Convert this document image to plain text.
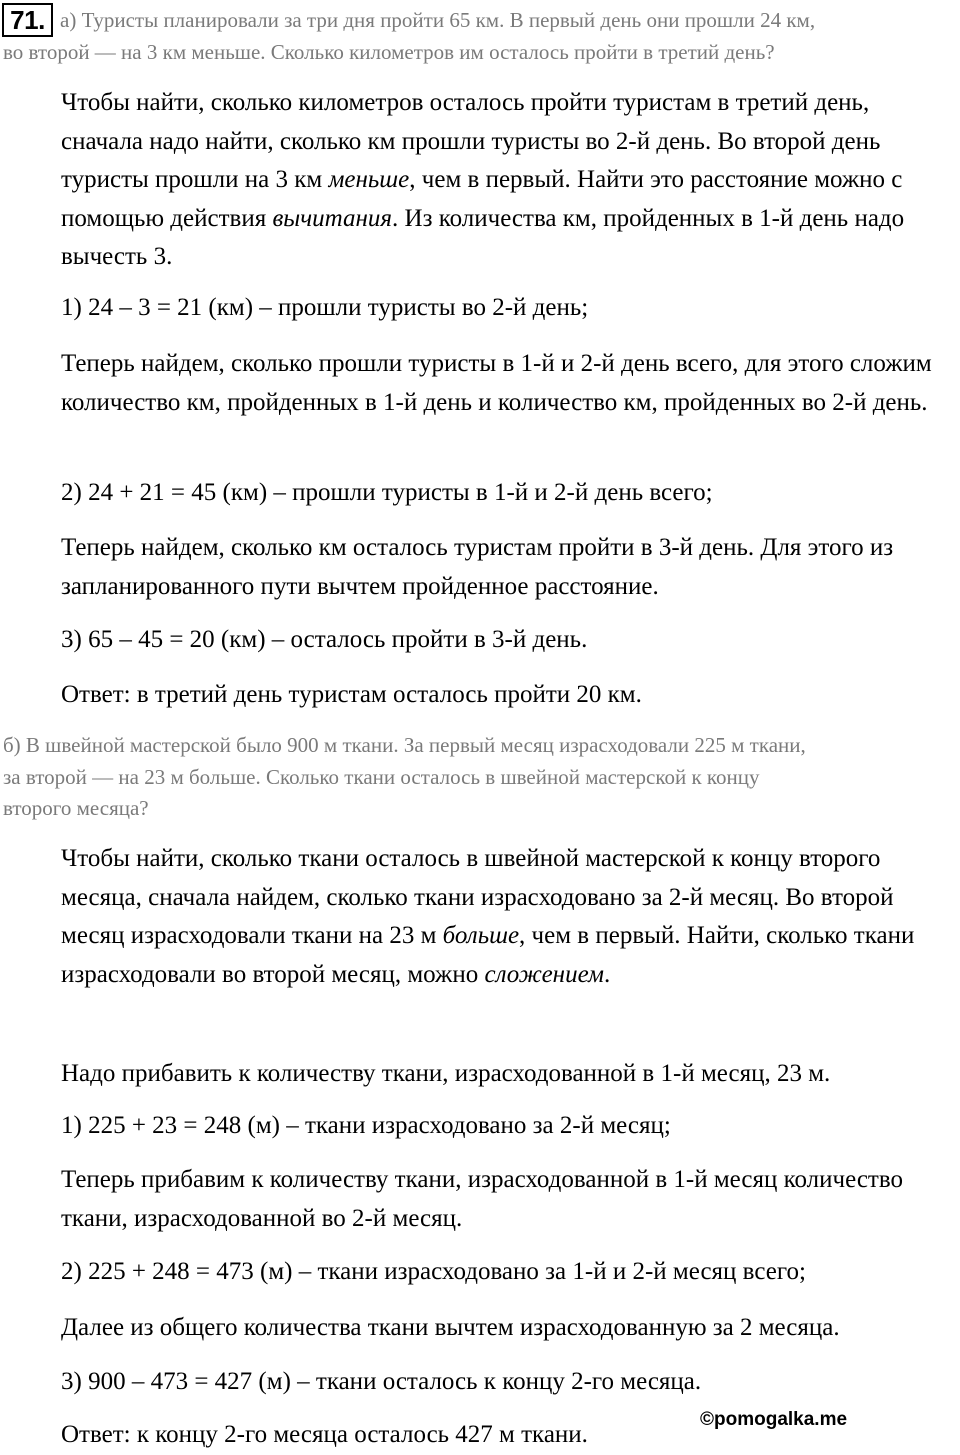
71. а) Туристы планировали за три дня пройти 65 км. В первый день они прошли 24 км,
во второй — на 3 км меньше. Сколько километров им осталось пройти в третий день?
Чтобы найти, сколько километров осталось пройти туристам в третий день, сначала надо найти, сколько км прошли туристы во 2-й день. Во второй день туристы прошли на 3 км меньше, чем в первый. Найти это расстояние можно с помощью действия вычитания. Из количества км, пройденных в 1-й день надо вычесть 3.
1) 24 – 3 = 21 (км) – прошли туристы во 2-й день;
Теперь найдем, сколько прошли туристы в 1-й и 2-й день всего, для этого сложим количество км, пройденных в 1-й день и количество км, пройденных во 2-й день.
2) 24 + 21 = 45 (км) – прошли туристы в 1-й и 2-й день всего;
Теперь найдем, сколько км осталось туристам пройти в 3-й день. Для этого из запланированного пути вычтем пройденное расстояние.
3) 65 – 45 = 20 (км) – осталось пройти в 3-й день.
Ответ: в третий день туристам осталось пройти 20 км.
б) В швейной мастерской было 900 м ткани. За первый месяц израсходовали 225 м ткани,
за второй — на 23 м больше. Сколько ткани осталось в швейной мастерской к концу
второго месяца?
Чтобы найти, сколько ткани осталось в швейной мастерской к концу второго месяца, сначала найдем, сколько ткани израсходовано за 2-й месяц. Во второй месяц израсходовали ткани на 23 м больше, чем в первый. Найти, сколько ткани израсходовали во второй месяц, можно сложением.
Надо прибавить к количеству ткани, израсходованной в 1-й месяц, 23 м.
1) 225 + 23 = 248 (м) – ткани израсходовано за 2-й месяц;
Теперь прибавим к количеству ткани, израсходованной в 1-й месяц количество ткани, израсходованной во 2-й месяц.
2) 225 + 248 = 473 (м) – ткани израсходовано за 1-й и 2-й месяц всего;
Далее из общего количества ткани вычтем израсходованную за 2 месяца.
3) 900 – 473 = 427 (м) – ткани осталось к концу 2-го месяца.
Ответ: к концу 2-го месяца осталось 427 м ткани.
©pomogalka.me
